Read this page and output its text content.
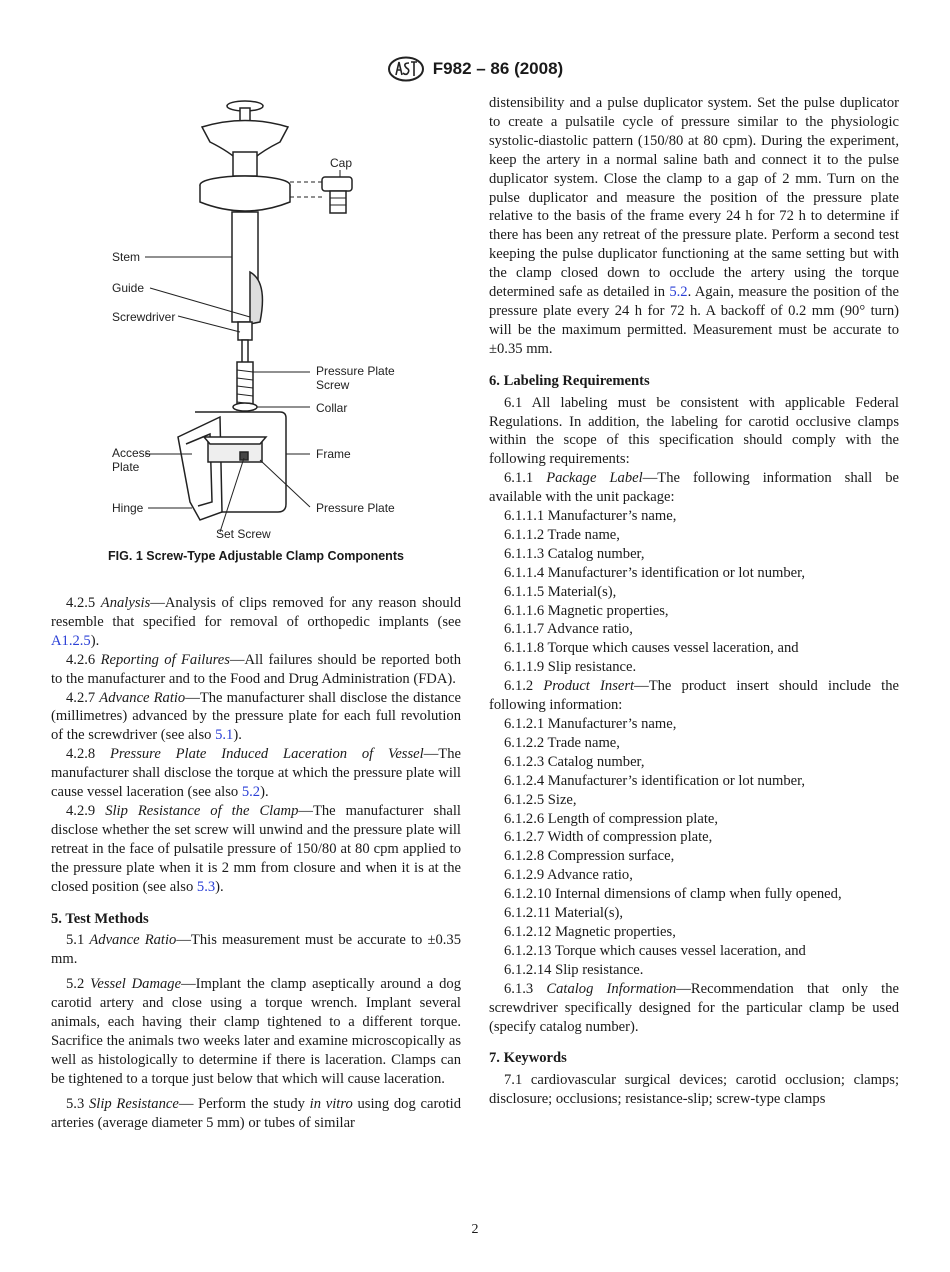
F982 – 86 (2008)
Cap
Stem
Guide
Screwdriver
Pressure Plate
Screw
Collar
Access
Plate
Frame
Hinge	Pressure Plate
Set Screw
FIG. 1 Screw-Type Adjustable Clamp Components

4.2.5 Analysis—Analysis of clips removed for any reason should resemble that specified for removal of orthopedic implants (see A1.2.5).

4.2.6 Reporting of Failures—All failures should be reported both to the manufacturer and to the Food and Drug Administration (FDA).

4.2.7 Advance Ratio—The manufacturer shall disclose the distance (millimetres) advanced by the pressure plate for each full revolution of the screwdriver (see also 5.1).

4.2.8 Pressure Plate Induced Laceration of Vessel—The manufacturer shall disclose the torque at which the pressure plate will cause vessel laceration (see also 5.2).

4.2.9 Slip Resistance of the Clamp—The manufacturer shall disclose whether the set screw will unwind and the pressure plate will retreat in the face of pulsatile pressure of 150/80 at 80 cpm applied to the pressure plate when it is 2 mm from closure and when it is at the closed position (see also 5.3).

5. Test Methods

5.1 Advance Ratio—This measurement must be accurate to ±0.35 mm.

5.2 Vessel Damage—Implant the clamp aseptically around a dog carotid artery and close using a torque wrench. Implant several animals, each having their clamp tightened to a different torque. Sacrifice the animals two weeks later and examine microscopically as well as histologically to determine if there is laceration. Clamps can be tightened to a torque just below that which will cause laceration.

5.3 Slip Resistance— Perform the study in vitro using dog carotid arteries (average diameter 5 mm) or tubes of similar

distensibility and a pulse duplicator system. Set the pulse duplicator to create a pulsatile cycle of pressure similar to the physiologic systolic-diastolic pattern (150/80 at 80 cpm). During the experiment, keep the artery in a normal saline bath and connect it to the pulse duplicator system. Close the clamp to a gap of 2 mm. Turn on the pulse duplicator and measure the position of the pressure plate relative to the basis of the frame every 24 h for 72 h to determine if there has been any retreat of the pressure plate. Perform a second test keeping the pulse duplicator functioning at the same setting but with the clamp closed down to occlude the artery using the torque determined safe as detailed in 5.2. Again, measure the position of the pressure plate every 24 h for 72 h. A backoff of 0.2 mm (90° turn) will be the maximum permitted. Measurement must be accurate to ±0.35 mm.

6. Labeling Requirements

6.1 All labeling must be consistent with applicable Federal Regulations. In addition, the labeling for carotid occlusive clamps within the scope of this specification should comply with the following requirements:

6.1.1 Package Label—The following information shall be available with the unit package:

6.1.1.1 Manufacturer’s name,

6.1.1.2 Trade name,

6.1.1.3 Catalog number,

6.1.1.4 Manufacturer’s identification or lot number,

6.1.1.5 Material(s),

6.1.1.6 Magnetic properties,

6.1.1.7 Advance ratio,

6.1.1.8 Torque which causes vessel laceration, and

6.1.1.9 Slip resistance.

6.1.2 Product Insert—The product insert should include the following information:

6.1.2.1 Manufacturer’s name,

6.1.2.2 Trade name,

6.1.2.3 Catalog number,

6.1.2.4 Manufacturer’s identification or lot number,

6.1.2.5 Size,

6.1.2.6 Length of compression plate,

6.1.2.7 Width of compression plate,

6.1.2.8 Compression surface,

6.1.2.9 Advance ratio,

6.1.2.10 Internal dimensions of clamp when fully opened,

6.1.2.11 Material(s),

6.1.2.12 Magnetic properties,

6.1.2.13 Torque which causes vessel laceration, and

6.1.2.14 Slip resistance.

6.1.3 Catalog Information—Recommendation that only the screwdriver specifically designed for the particular clamp be used (specify catalog number).

7. Keywords

7.1 cardiovascular surgical devices; carotid occlusion; clamps; disclosure; occlusions; resistance-slip; screw-type clamps

2
